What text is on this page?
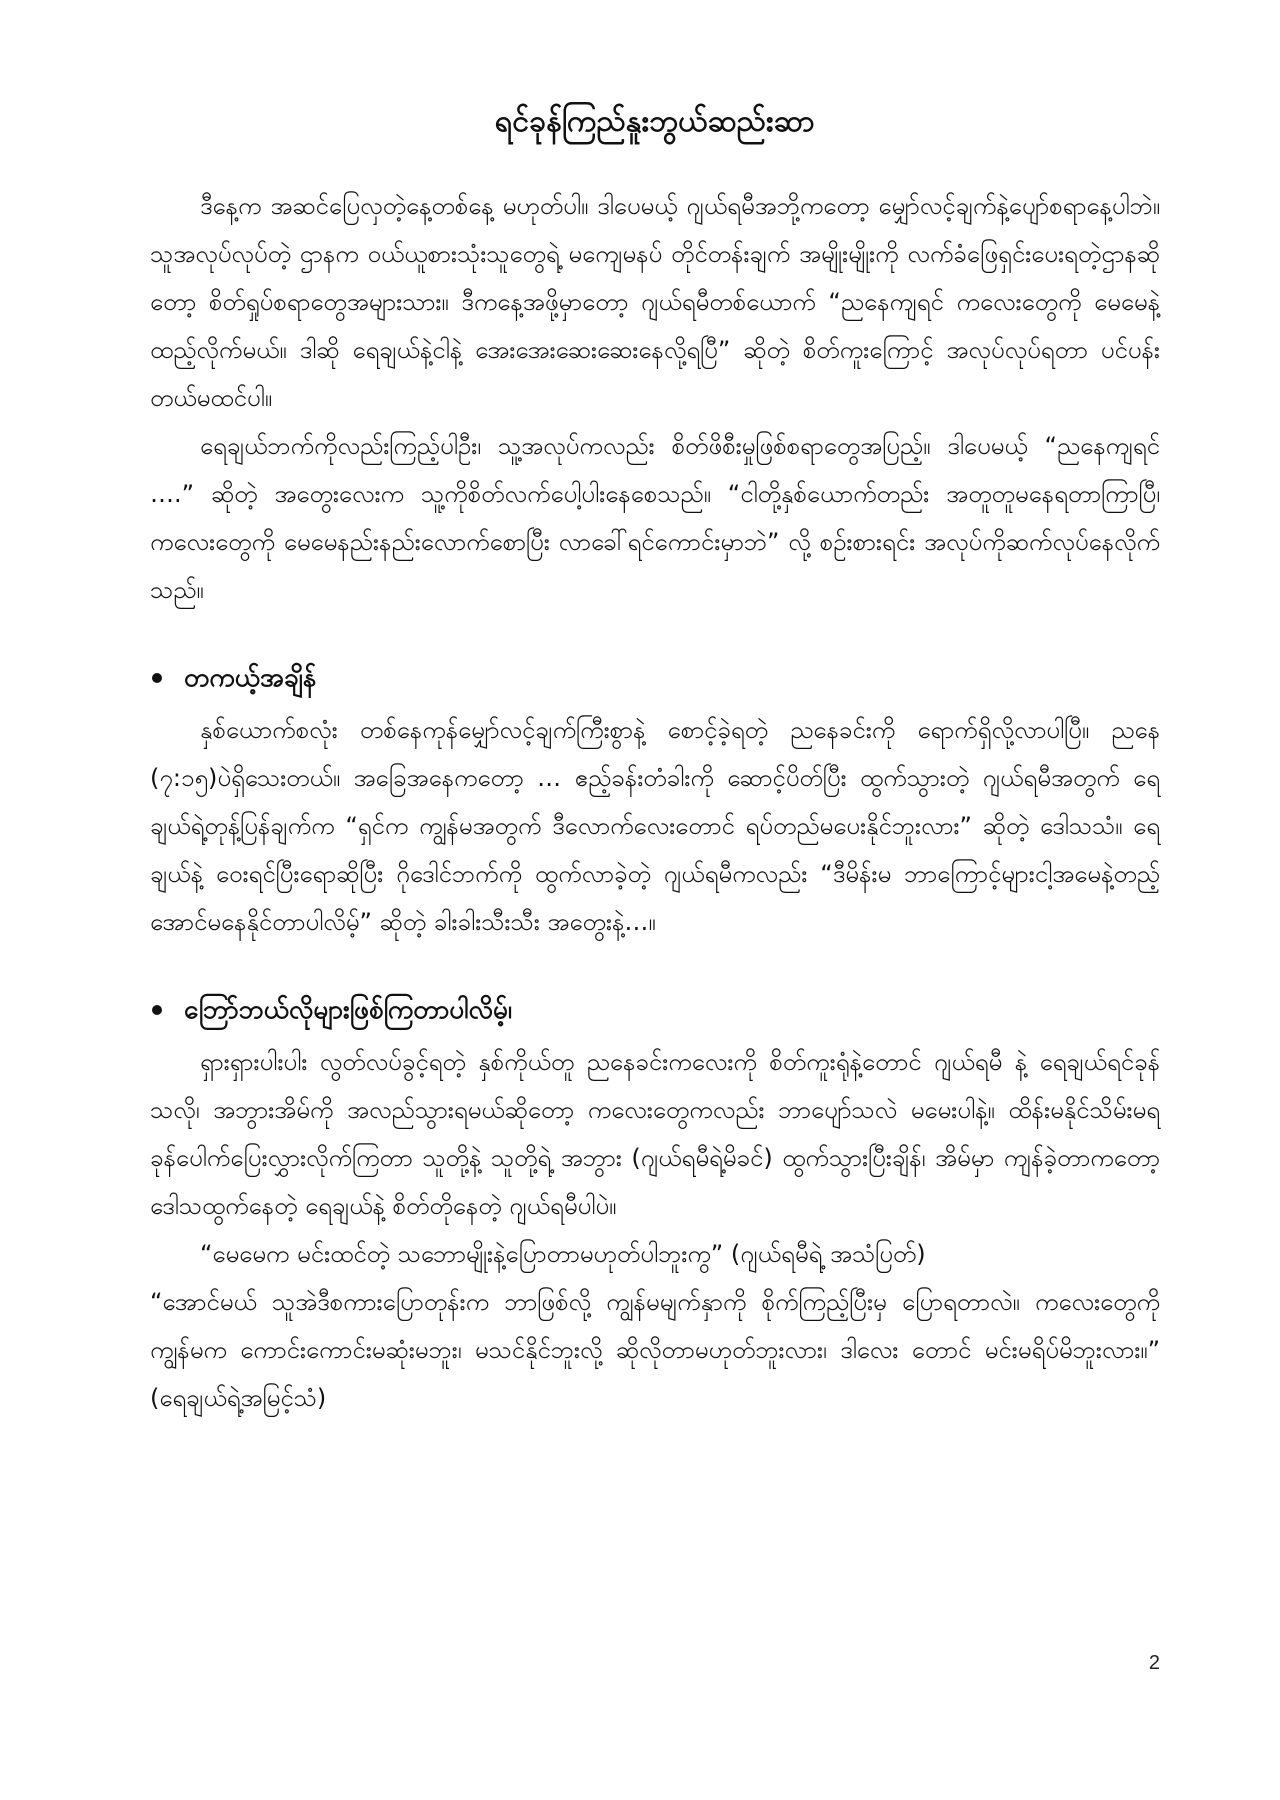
ရင်ခုန်ကြည်နူးဘွယ်ဆည်းဆာ

ဒီနေ့က အဆင်ပြေလှတဲ့နေ့တစ်နေ့ မဟုတ်ပါ။ ဒါပေမယ့် ဂျယ်ရမီအဘို့ကတော့ မျှော်လင့်ချက်နဲ့ပျော်စရာနေ့ပါဘဲ။ သူအလုပ်လုပ်တဲ့ ဌာနက ဝယ်ယူစားသုံးသူတွေရဲ့ မကျေမနပ် တိုင်တန်းချက် အမျိုးမျိုးကို လက်ခံဖြေရှင်းပေးရတဲ့ဌာနဆိုတော့ စိတ်ရှုပ်စရာတွေအများသား။ ဒီကနေ့အဖို့မှာတော့ ဂျယ်ရမီတစ်ယောက် “ညနေကျရင် ကလေးတွေကို မေမေနဲ့ထည့်လိုက်မယ်။ ဒါဆို ရေချယ်နဲ့ငါနဲ့ အေးအေးဆေးဆေးနေလို့ရပြီ” ဆိုတဲ့ စိတ်ကူးကြောင့် အလုပ်လုပ်ရတာ ပင်ပန်းတယ်မထင်ပါ။

ရေချယ်ဘက်ကိုလည်းကြည့်ပါဦး၊ သူ့အလုပ်ကလည်း စိတ်ဖိစီးမှုဖြစ်စရာတွေအပြည့်။ ဒါပေမယ့် “ညနေကျရင် ….” ဆိုတဲ့ အတွေးလေးက သူ့ကိုစိတ်လက်ပေါ့ပါးနေစေသည်။ “ငါတို့နှစ်ယောက်တည်း အတူတူမနေရတာကြာပြီ၊ ကလေးတွေကို မေမေနည်းနည်းလောက်စောပြီး လာခေါ်ရင်ကောင်းမှာဘဲ” လို့ စဉ်းစားရင်း အလုပ်ကိုဆက်လုပ်နေလိုက်သည်။

တကယ့်အချိန်

နှစ်ယောက်စလုံး တစ်နေကုန်မျှော်လင့်ချက်ကြီးစွာနဲ့ စောင့်ခဲ့ရတဲ့ ညနေခင်းကို ရောက်ရှိလို့လာပါပြီ။ ညနေ (၇:၁၅)ပဲရှိသေးတယ်။ အခြေအနေကတော့ … ဧည့်ခန်းတံခါးကို ဆောင့်ပိတ်ပြီး ထွက်သွားတဲ့ ဂျယ်ရမီအတွက် ရေချယ်ရဲ့တုန့်ပြန်ချက်က “ရှင်က ကျွန်မအတွက် ဒီလောက်လေးတောင် ရပ်တည်မပေးနိုင်ဘူးလား” ဆိုတဲ့ ဒေါသသံ။ ရေချယ်နဲ့ ဝေးရင်ပြီးရောဆိုပြီး ဂိုဒေါင်ဘက်ကို ထွက်လာခဲ့တဲ့ ဂျယ်ရမီကလည်း “ဒီမိန်းမ ဘာကြောင့်များငါ့အမေနဲ့တည့်အောင်မနေနိုင်တာပါလိမ့်” ဆိုတဲ့ ခါးခါးသီးသီး အတွေးနဲ့…။

ဘြော်ဘယ်လိုများဖြစ်ကြတာပါလိမ့်၊

ရှားရှားပါးပါး လွတ်လပ်ခွင့်ရတဲ့ နှစ်ကိုယ်တူ ညနေခင်းကလေးကို စိတ်ကူးရုံနဲ့တောင် ဂျယ်ရမီ နဲ့ ရေချယ်ရင်ခုန်သလို၊ အဘွားအိမ်ကို အလည်သွားရမယ်ဆိုတော့ ကလေးတွေကလည်း ဘာပျော်သလဲ မမေးပါနဲ့။ ထိန်းမနိုင်သိမ်းမရ ခုန်ပေါက်ပြေးလွှားလိုက်ကြတာ သူတို့နဲ့ သူတို့ရဲ့ အဘွား (ဂျယ်ရမီရဲ့မိခင်) ထွက်သွားပြီးချိန်၊ အိမ်မှာ ကျန်ခဲ့တာကတော့ ဒေါသထွက်နေတဲ့ ရေချယ်နဲ့ စိတ်တိုနေတဲ့ ဂျယ်ရမီပါပဲ။

“မေမေက မင်းထင်တဲ့ သဘောမျိုးနဲ့ပြောတာမဟုတ်ပါဘူးကွ” (ဂျယ်ရမီရဲ့ အသံပြတ်)

“အောင်မယ် သူအဲဒီစကားပြောတုန်းက ဘာဖြစ်လို့ ကျွန်မမျက်နှာကို စိုက်ကြည့်ပြီးမှ ပြောရတာလဲ။ ကလေးတွေကို ကျွန်မက ကောင်းကောင်းမဆုံးမဘူး၊ မသင်နိုင်ဘူးလို့ ဆိုလိုတာမဟုတ်ဘူးလား၊ ဒါလေး တောင် မင်းမရိပ်မိဘူးလား။” (ရေချယ်ရဲ့အမြင့်သံ)

2
